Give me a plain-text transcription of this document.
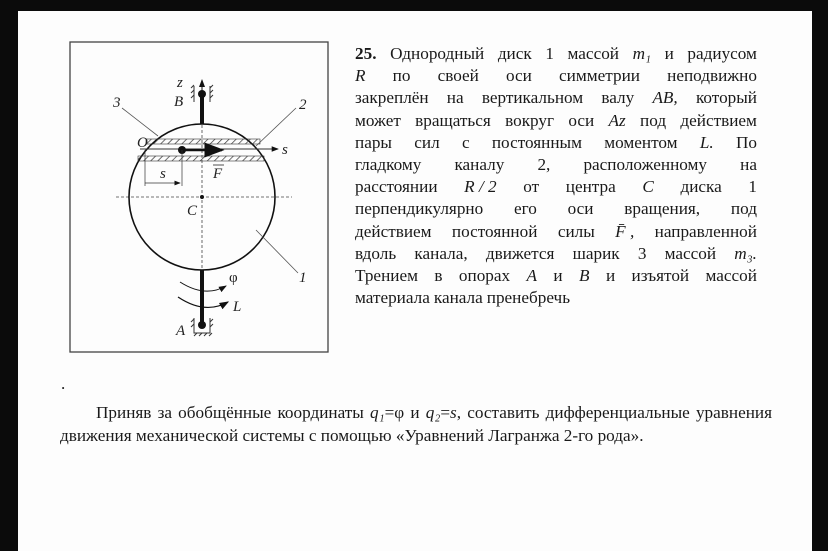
z
B
3	2
O	s
s	F
C
1
φ
L
A
25. Однородный диск 1 массой m₁ и радиусом
R по своей оси симметрии неподвижно
закреплён на вертикальном валу AB, который
может вращаться вокруг оси Az под действием
пары сил с постоянным моментом L. По
гладкому каналу 2, расположенному на
расстоянии R / 2 от центра C диска 1
перпендикулярно его оси вращения, под
действием постоянной силы F̄ , направленной
вдоль канала, движется шарик 3 массой m₃.
Трением в опорах A и B и изъятой массой
материала канала пренебречь
.
Приняв за обобщённые координаты q₁=φ и q₂=s, составить дифференциальные уравнения движения механической системы с помощью «Уравнений Лагранжа 2-го рода».
